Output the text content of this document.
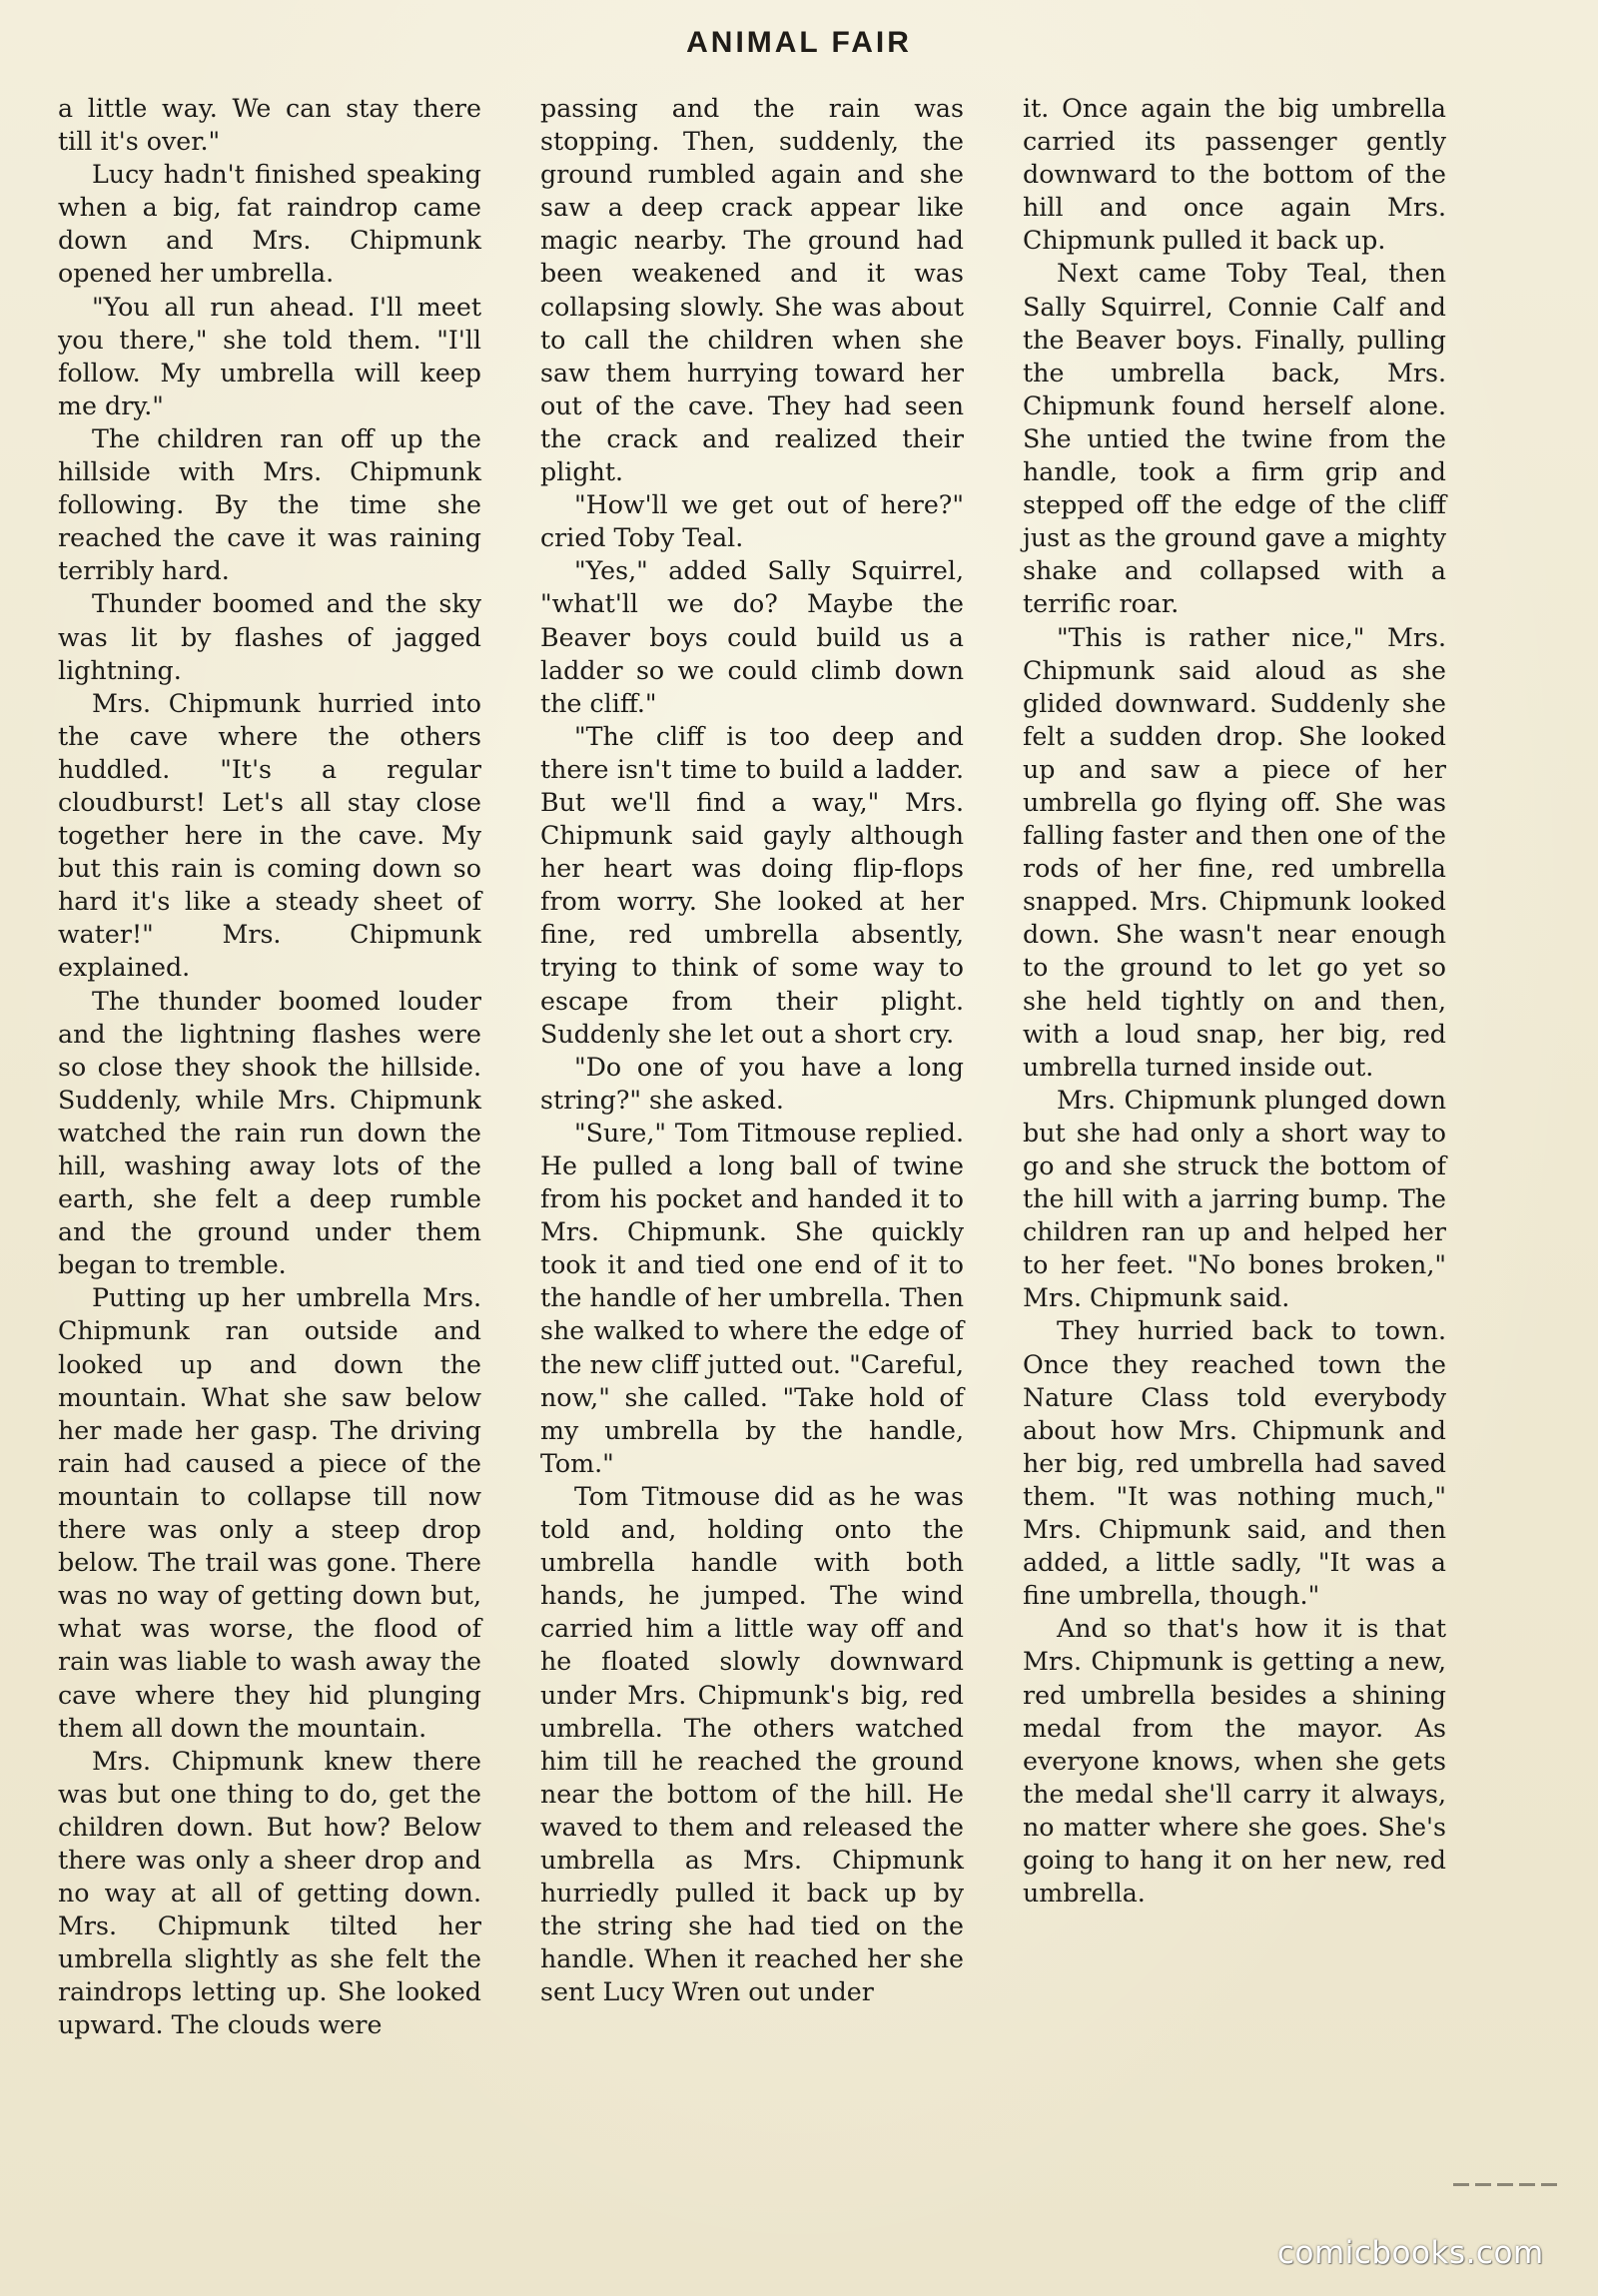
ANIMAL FAIR

a little way. We can stay there till it's over."

Lucy hadn't finished speaking when a big, fat raindrop came down and Mrs. Chipmunk opened her umbrella.

"You all run ahead. I'll meet you there," she told them. "I'll follow. My umbrella will keep me dry."

The children ran off up the hillside with Mrs. Chipmunk following. By the time she reached the cave it was raining terribly hard.

Thunder boomed and the sky was lit by flashes of jagged lightning.

Mrs. Chipmunk hurried into the cave where the others huddled. "It's a regular cloudburst! Let's all stay close together here in the cave. My but this rain is coming down so hard it's like a steady sheet of water!" Mrs. Chipmunk explained.

The thunder boomed louder and the lightning flashes were so close they shook the hillside. Suddenly, while Mrs. Chipmunk watched the rain run down the hill, washing away lots of the earth, she felt a deep rumble and the ground under them began to tremble.

Putting up her umbrella Mrs. Chipmunk ran outside and looked up and down the mountain. What she saw below her made her gasp. The driving rain had caused a piece of the mountain to collapse till now there was only a steep drop below. The trail was gone. There was no way of getting down but, what was worse, the flood of rain was liable to wash away the cave where they hid plunging them all down the mountain.

Mrs. Chipmunk knew there was but one thing to do, get the children down. But how? Below there was only a sheer drop and no way at all of getting down. Mrs. Chipmunk tilted her umbrella slightly as she felt the raindrops letting up. She looked upward. The clouds were

passing and the rain was stopping. Then, suddenly, the ground rumbled again and she saw a deep crack appear like magic nearby. The ground had been weakened and it was collapsing slowly. She was about to call the children when she saw them hurrying toward her out of the cave. They had seen the crack and realized their plight.

"How'll we get out of here?" cried Toby Teal.

"Yes," added Sally Squirrel, "what'll we do? Maybe the Beaver boys could build us a ladder so we could climb down the cliff."

"The cliff is too deep and there isn't time to build a ladder. But we'll find a way," Mrs. Chipmunk said gayly although her heart was doing flip-flops from worry. She looked at her fine, red umbrella absently, trying to think of some way to escape from their plight. Suddenly she let out a short cry.

"Do one of you have a long string?" she asked.

"Sure," Tom Titmouse replied. He pulled a long ball of twine from his pocket and handed it to Mrs. Chipmunk. She quickly took it and tied one end of it to the handle of her umbrella. Then she walked to where the edge of the new cliff jutted out. "Careful, now," she called. "Take hold of my umbrella by the handle, Tom."

Tom Titmouse did as he was told and, holding onto the umbrella handle with both hands, he jumped. The wind carried him a little way off and he floated slowly downward under Mrs. Chipmunk's big, red umbrella. The others watched him till he reached the ground near the bottom of the hill. He waved to them and released the umbrella as Mrs. Chipmunk hurriedly pulled it back up by the string she had tied on the handle. When it reached her she sent Lucy Wren out under

it. Once again the big umbrella carried its passenger gently downward to the bottom of the hill and once again Mrs. Chipmunk pulled it back up.

Next came Toby Teal, then Sally Squirrel, Connie Calf and the Beaver boys. Finally, pulling the umbrella back, Mrs. Chipmunk found herself alone. She untied the twine from the handle, took a firm grip and stepped off the edge of the cliff just as the ground gave a mighty shake and collapsed with a terrific roar.

"This is rather nice," Mrs. Chipmunk said aloud as she glided downward. Suddenly she felt a sudden drop. She looked up and saw a piece of her umbrella go flying off. She was falling faster and then one of the rods of her fine, red umbrella snapped. Mrs. Chipmunk looked down. She wasn't near enough to the ground to let go yet so she held tightly on and then, with a loud snap, her big, red umbrella turned inside out.

Mrs. Chipmunk plunged down but she had only a short way to go and she struck the bottom of the hill with a jarring bump. The children ran up and helped her to her feet. "No bones broken," Mrs. Chipmunk said.

They hurried back to town. Once they reached town the Nature Class told everybody about how Mrs. Chipmunk and her big, red umbrella had saved them. "It was nothing much," Mrs. Chipmunk said, and then added, a little sadly, "It was a fine umbrella, though."

And so that's how it is that Mrs. Chipmunk is getting a new, red umbrella besides a shining medal from the mayor. As everyone knows, when she gets the medal she'll carry it always, no matter where she goes. She's going to hang it on her new, red umbrella.

comicbooks.com
